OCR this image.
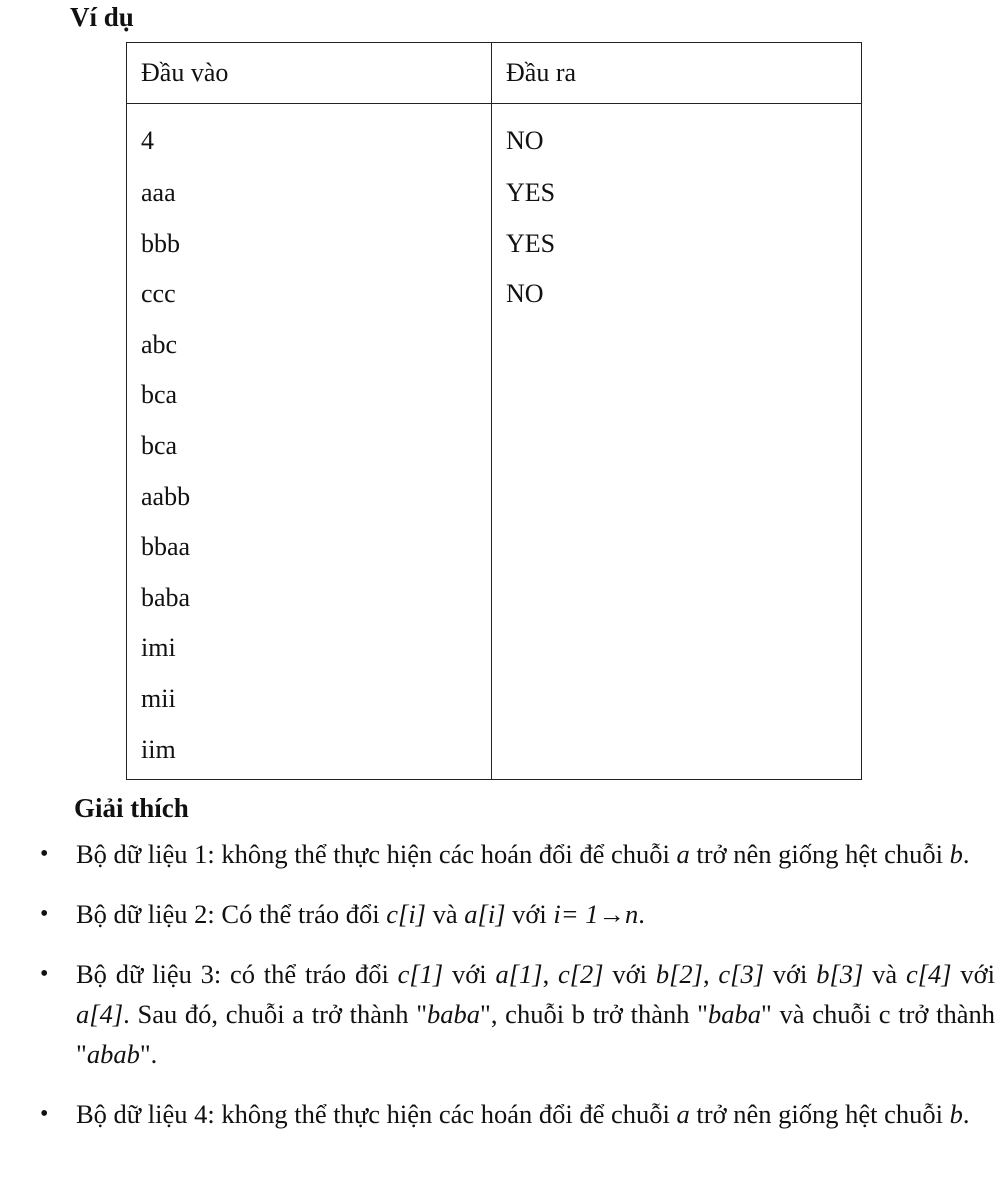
Ví dụ
Đầu vào	Đầu ra
4	NO
aaa	YES
bbb	YES
ccc	NO
abc	
bca	
bca	
aabb	
bbaa	
baba	
imi	
mii	
iim	
Giải thích
• Bộ dữ liệu 1: không thể thực hiện các hoán đổi để chuỗi a trở nên giống hệt chuỗi b.
• Bộ dữ liệu 2: Có thể tráo đổi c[i] và a[i] với i= 1→n.
• Bộ dữ liệu 3: có thể tráo đổi c[1] với a[1], c[2] với b[2], c[3] với b[3] và c[4] với a[4]. Sau đó, chuỗi a trở thành "baba", chuỗi b trở thành "baba" và chuỗi c trở thành "abab".
• Bộ dữ liệu 4: không thể thực hiện các hoán đổi để chuỗi a trở nên giống hệt chuỗi b.
